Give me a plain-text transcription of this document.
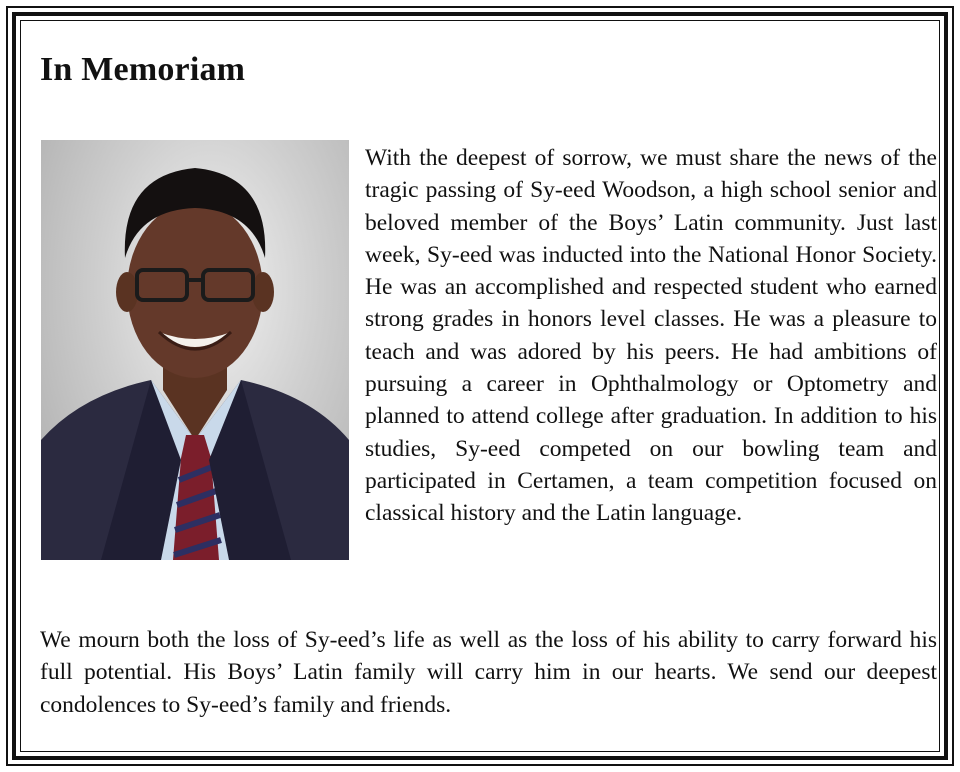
In Memoriam

With the deepest of sorrow, we must share the news of the tragic passing of Sy-eed Woodson, a high school senior and beloved member of the Boys’ Latin community. Just last week, Sy-eed was inducted into the National Honor Society. He was an accomplished and respected student who earned strong grades in honors level classes. He was a pleasure to teach and was adored by his peers. He had ambitions of pursuing a career in Ophthalmology or Optometry and planned to attend college after graduation. In addition to his studies, Sy-eed competed on our bowling team and participated in Certamen, a team competition focused on classical history and the Latin language.

We mourn both the loss of Sy-eed’s life as well as the loss of his ability to carry forward his full potential. His Boys’ Latin family will carry him in our hearts. We send our deepest condolences to Sy-eed’s family and friends.
